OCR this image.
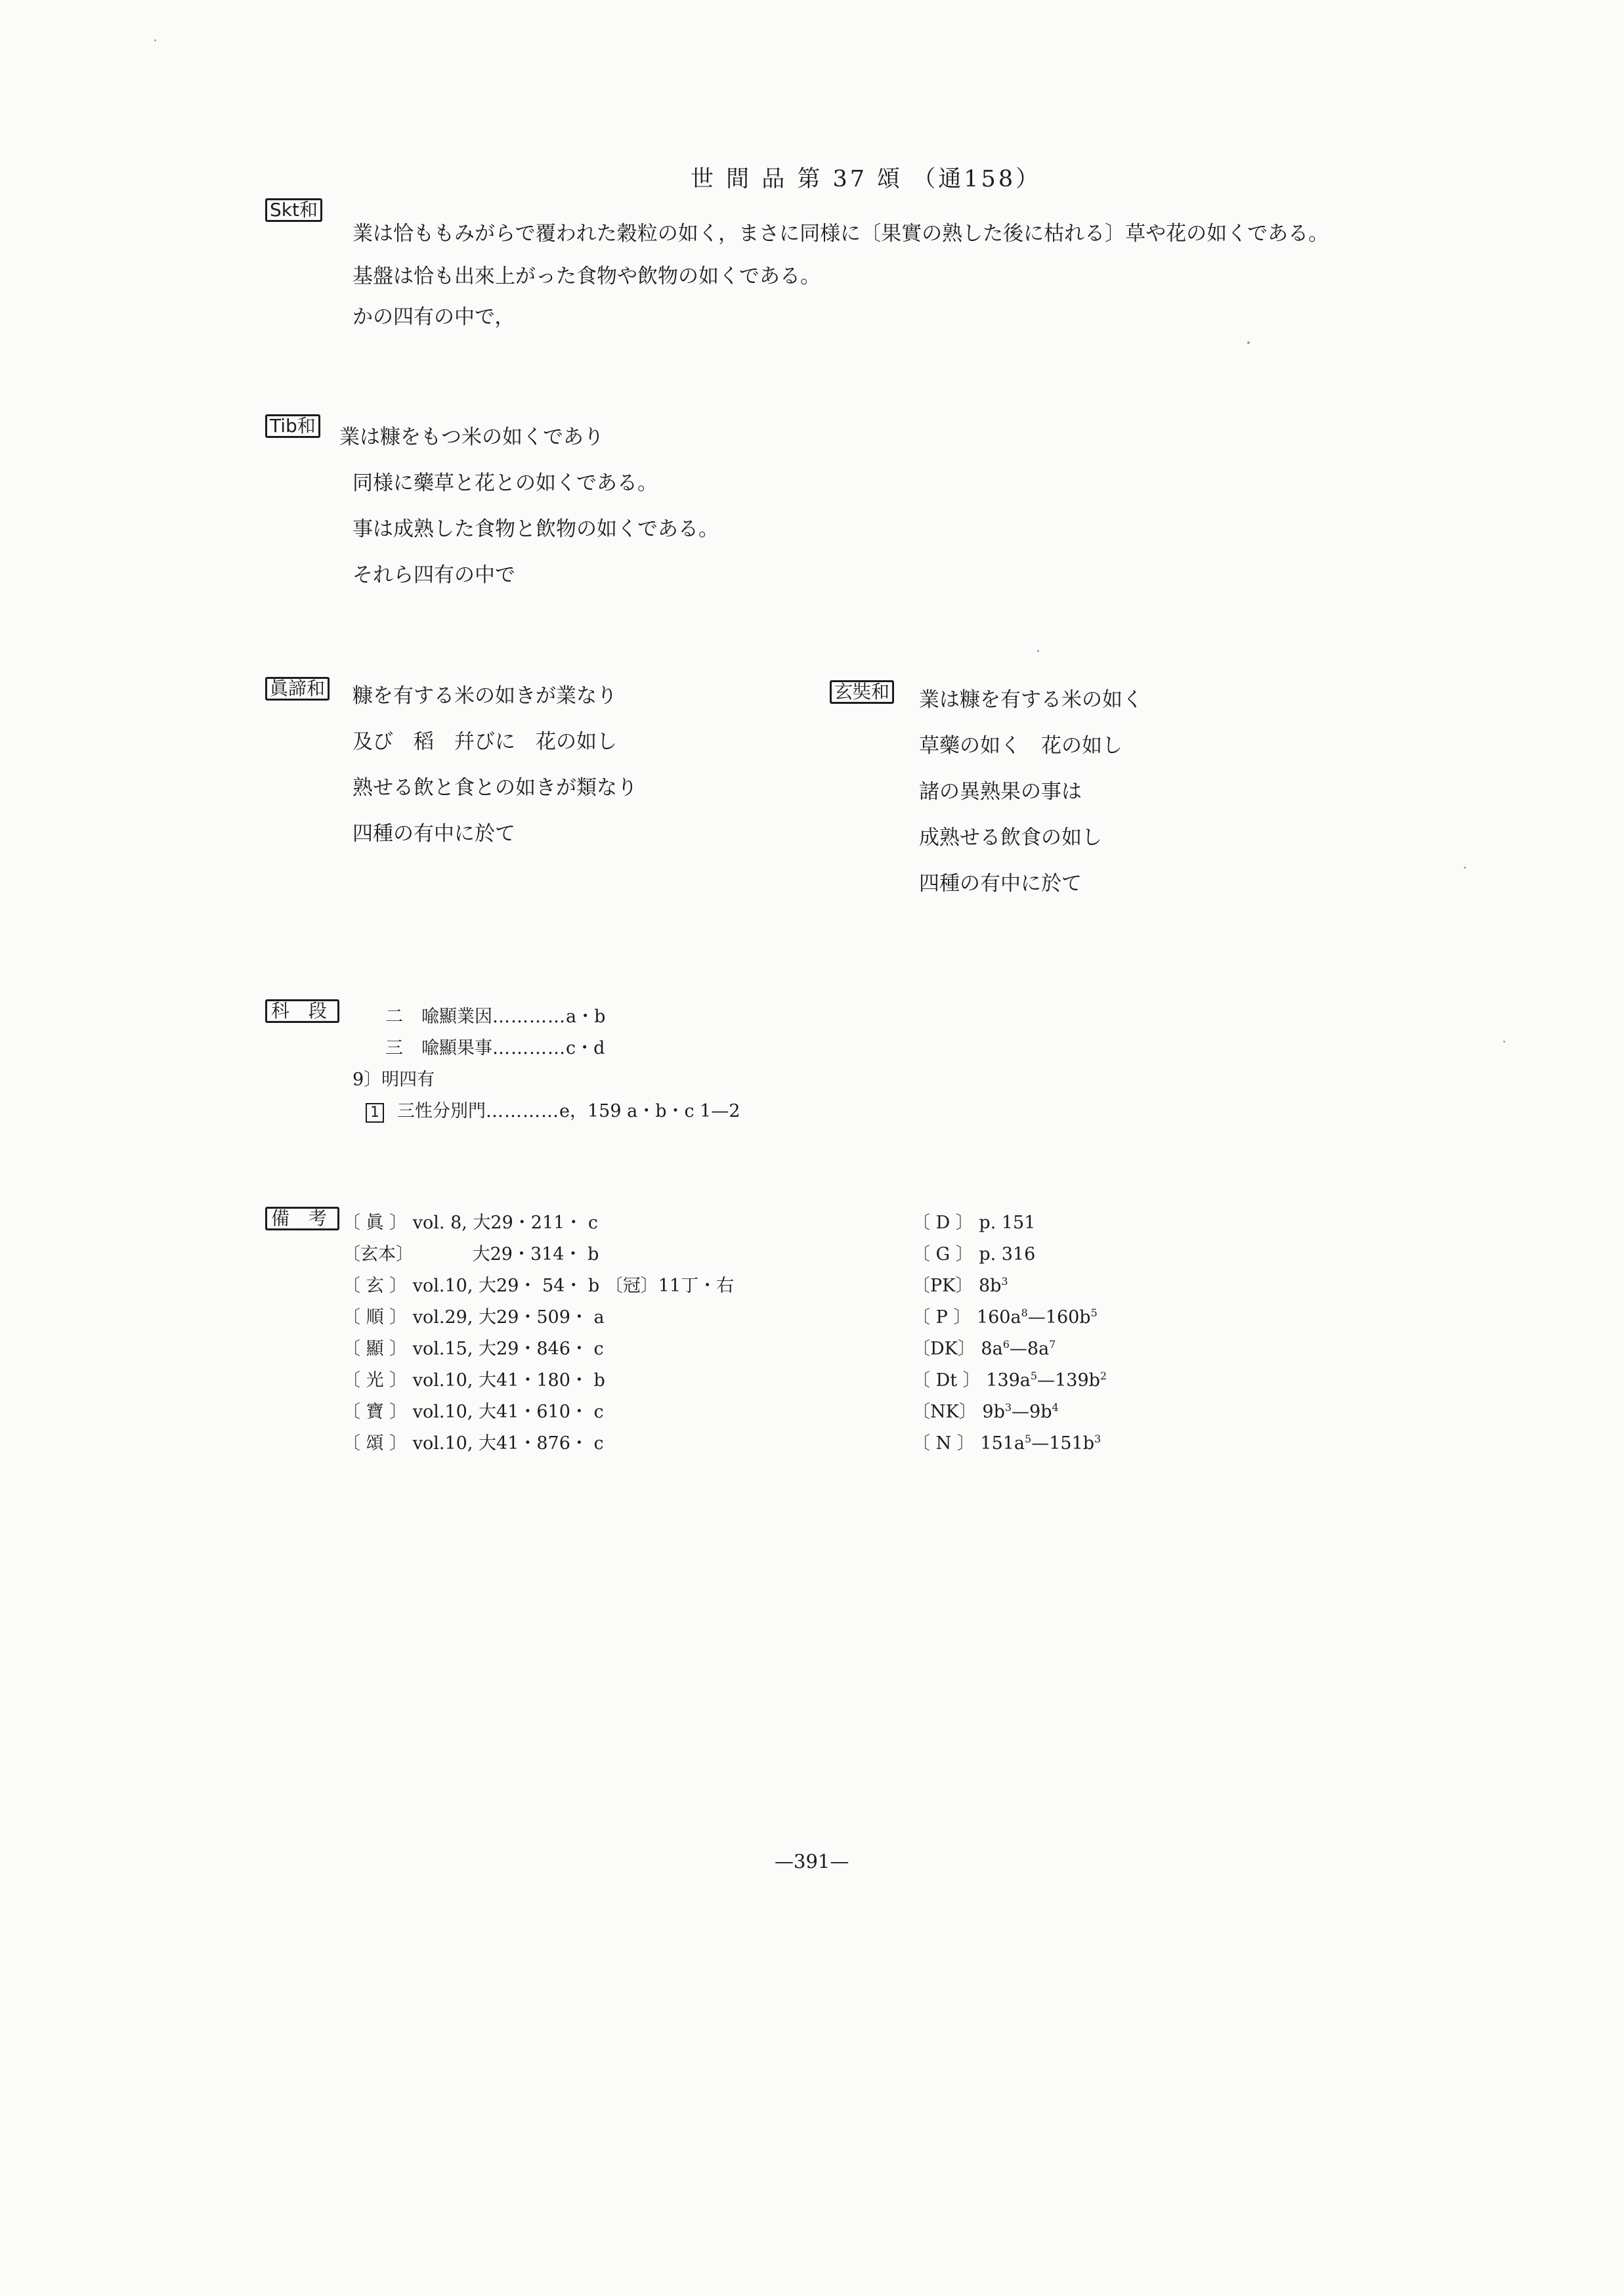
世 間 品 第 37 頌 （通158）
Skt和
業は恰ももみがらで覆われた穀粒の如く，まさに同様に〔果實の熟した後に枯れる〕草や花の如くである。
基盤は恰も出來上がった食物や飲物の如くである。
かの四有の中で，
Tib和 業は糠をもつ米の如くであり
同様に藥草と花との如くである。
事は成熟した食物と飲物の如くである。
それら四有の中で
眞諦和 糠を有する米の如きが業なり
及び　稻　幷びに　花の如し
熟せる飲と食との如きが類なり
四種の有中に於て
玄奘和 業は糠を有する米の如く
草藥の如く　花の如し
諸の異熟果の事は
成熟せる飲食の如し
四種の有中に於て
科 段	二 喩顯業因…………a・b
三 喩顯果事…………c・d
9〕明四有
1 三性分別門…………e，159 a・b・c 1—2
備 考 〔 眞 〕 vol. 8, 大29・211・ c
〔玄本〕 　　　大29・314・ b
〔 玄 〕 vol.10, 大29・ 54・ b 〔冠〕11丁・右
〔 順 〕 vol.29, 大29・509・ a
〔 顯 〕 vol.15, 大29・846・ c
〔 光 〕 vol.10, 大41・180・ b
〔 寶 〕 vol.10, 大41・610・ c
〔 頌 〕 vol.10, 大41・876・ c
〔 D 〕 p. 151
〔 G 〕 p. 316
〔PK〕 $8b^3$
〔 P 〕 $160a^8—160b^5$
〔DK〕 $8a^6—8a^7$
〔 Dt 〕 $139a^5—139b^2$
〔NK〕 $9b^3—9b^4$
〔 N 〕 $151a^5—151b^3$
—391—
